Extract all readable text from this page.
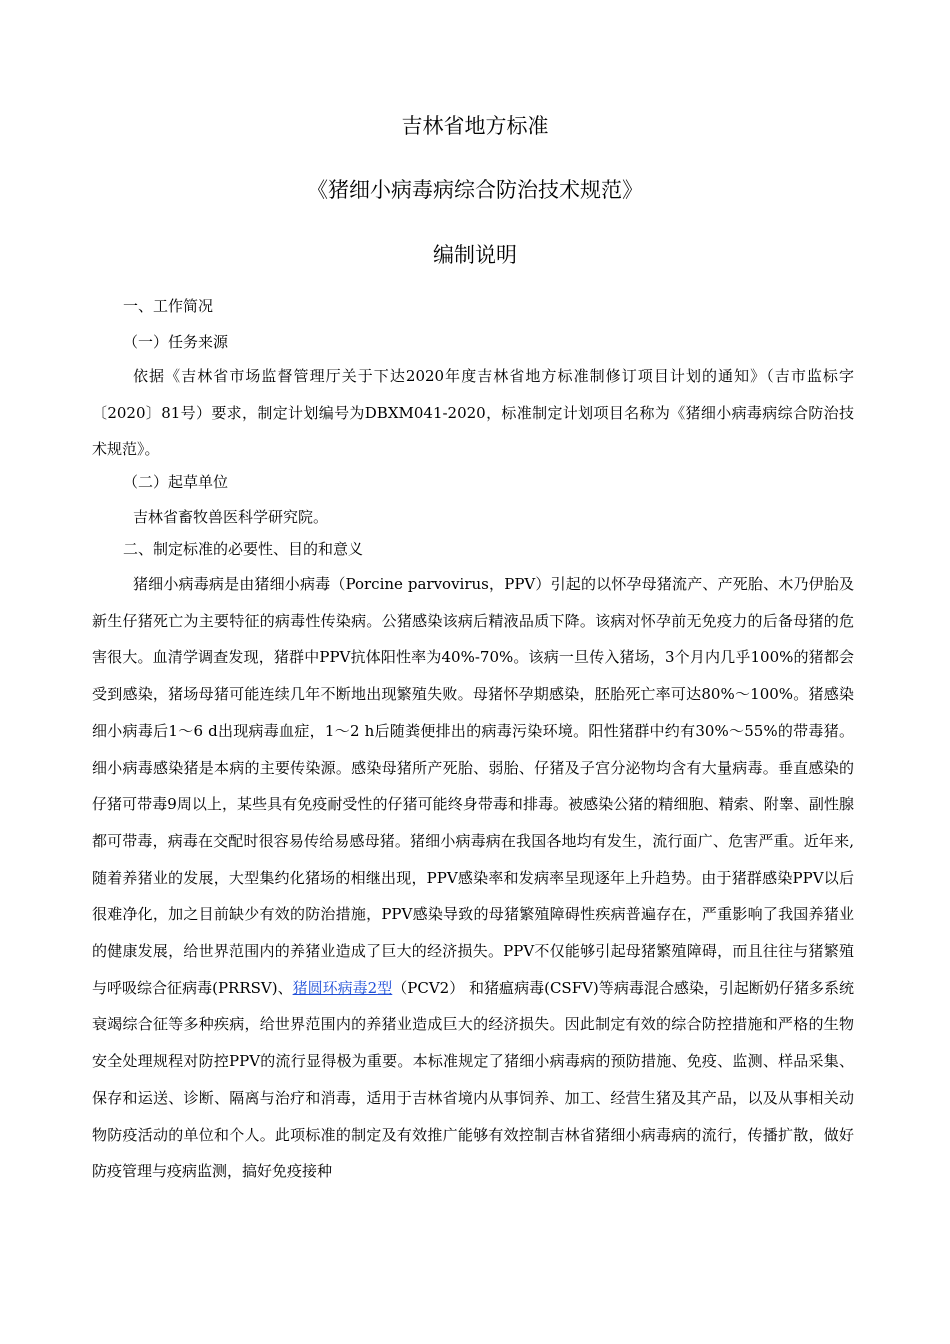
吉林省地方标准
《猪细小病毒病综合防治技术规范》
编制说明
一、工作简况
（一）任务来源

依据《吉林省市场监督管理厅关于下达2020年度吉林省地方标准制修订项目计划的通知》（吉市监标字〔2020〕81号）要求，制定计划编号为DBXM041-2020，标准制定计划项目名称为《猪细小病毒病综合防治技术规范》。

（二）起草单位

吉林省畜牧兽医科学研究院。

二、制定标准的必要性、目的和意义

猪细小病毒病是由猪细小病毒（Porcine parvovirus，PPV）引起的以怀孕母猪流产、产死胎、木乃伊胎及新生仔猪死亡为主要特征的病毒性传染病。公猪感染该病后精液品质下降。该病对怀孕前无免疫力的后备母猪的危害很大。血清学调查发现，猪群中PPV抗体阳性率为40%-70%。该病一旦传入猪场，3个月内几乎100%的猪都会受到感染，猪场母猪可能连续几年不断地出现繁殖失败。母猪怀孕期感染，胚胎死亡率可达80%～100%。猪感染细小病毒后1～6 d出现病毒血症，1～2 h后随粪便排出的病毒污染环境。阳性猪群中约有30%～55%的带毒猪。细小病毒感染猪是本病的主要传染源。感染母猪所产死胎、弱胎、仔猪及子宫分泌物均含有大量病毒。垂直感染的仔猪可带毒9周以上，某些具有免疫耐受性的仔猪可能终身带毒和排毒。被感染公猪的精细胞、精索、附睾、副性腺都可带毒，病毒在交配时很容易传给易感母猪。猪细小病毒病在我国各地均有发生，流行面广、危害严重。近年来,随着养猪业的发展，大型集约化猪场的相继出现，PPV感染率和发病率呈现逐年上升趋势。由于猪群感染PPV以后很难净化，加之目前缺少有效的防治措施，PPV感染导致的母猪繁殖障碍性疾病普遍存在，严重影响了我国养猪业的健康发展，给世界范围内的养猪业造成了巨大的经济损失。PPV不仅能够引起母猪繁殖障碍，而且往往与猪繁殖与呼吸综合征病毒(PRRSV)、猪圆环病毒2型（PCV2） 和猪瘟病毒(CSFV)等病毒混合感染，引起断奶仔猪多系统衰竭综合征等多种疾病，给世界范围内的养猪业造成巨大的经济损失。因此制定有效的综合防控措施和严格的生物安全处理规程对防控PPV的流行显得极为重要。本标准规定了猪细小病毒病的预防措施、免疫、监测、样品采集、保存和运送、诊断、隔离与治疗和消毒，适用于吉林省境内从事饲养、加工、经营生猪及其产品，以及从事相关动物防疫活动的单位和个人。此项标准的制定及有效推广能够有效控制吉林省猪细小病毒病的流行，传播扩散，做好防疫管理与疫病监测，搞好免疫接种
